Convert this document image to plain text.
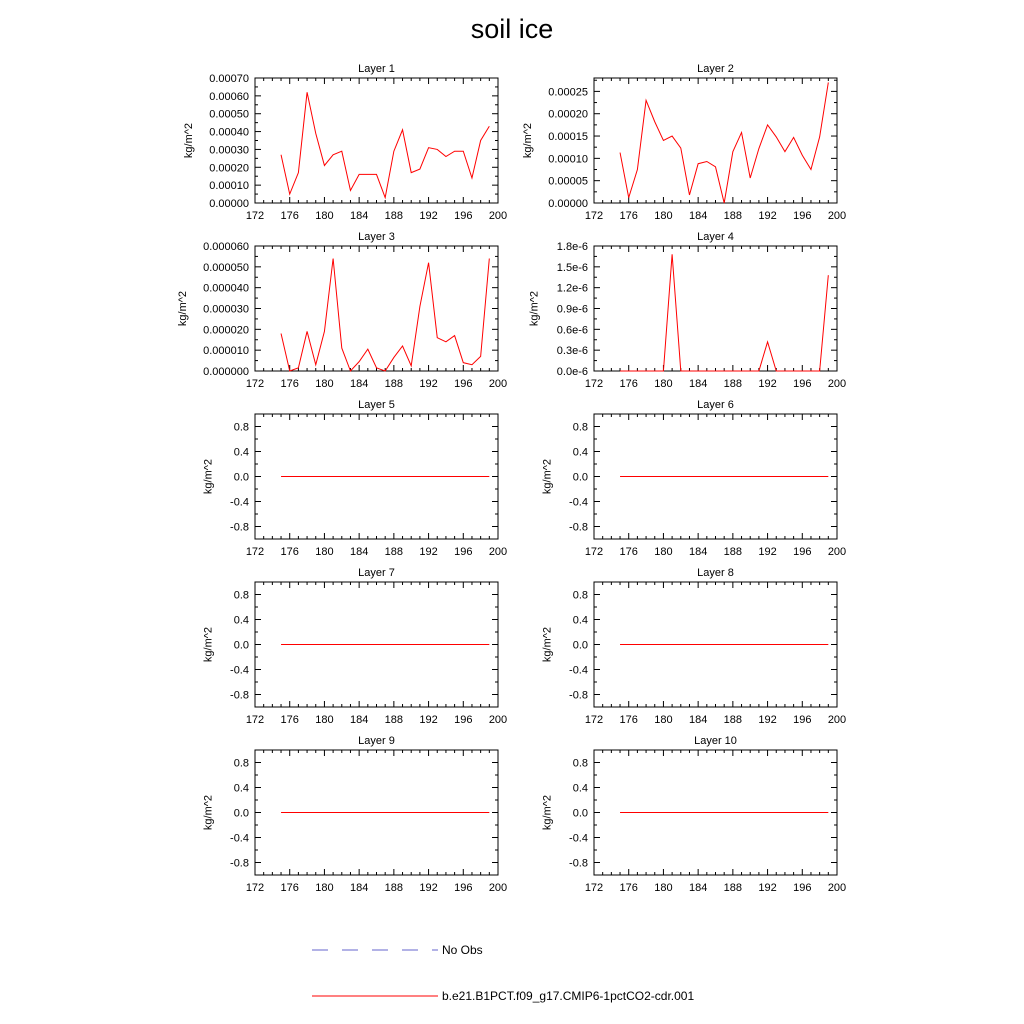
soil ice
Layer 1
172 176 180 184 188 192 196 200
0.00000
0.00010
0.00020
0.00030
0.00040
0.00050
0.00060
0.00070
kg/m^2
Layer 2
172 176 180 184 188 192 196 200
0.00000
0.00005
0.00010
0.00015
0.00020
0.00025
kg/m^2
Layer 3
172 176 180 184 188 192 196 200
0.000000
0.000010
0.000020
0.000030
0.000040
0.000050
0.000060
kg/m^2
Layer 4
172 176 180 184 188 192 196 200
0.0e-6
0.3e-6
0.6e-6
0.9e-6
1.2e-6
1.5e-6
1.8e-6
kg/m^2
Layer 5
172 176 180 184 188 192 196 200
-0.8
-0.4
0.0
0.4
0.8
kg/m^2
Layer 6
172 176 180 184 188 192 196 200
-0.8
-0.4
0.0
0.4
0.8
kg/m^2
Layer 7
172 176 180 184 188 192 196 200
-0.8
-0.4
0.0
0.4
0.8
kg/m^2
Layer 8
172 176 180 184 188 192 196 200
-0.8
-0.4
0.0
0.4
0.8
kg/m^2
Layer 9
172 176 180 184 188 192 196 200
-0.8
-0.4
0.0
0.4
0.8
kg/m^2
Layer 10
172 176 180 184 188 192 196 200
-0.8
-0.4
0.0
0.4
0.8
kg/m^2
No Obs
b.e21.B1PCT.f09_g17.CMIP6-1pctCO2-cdr.001
